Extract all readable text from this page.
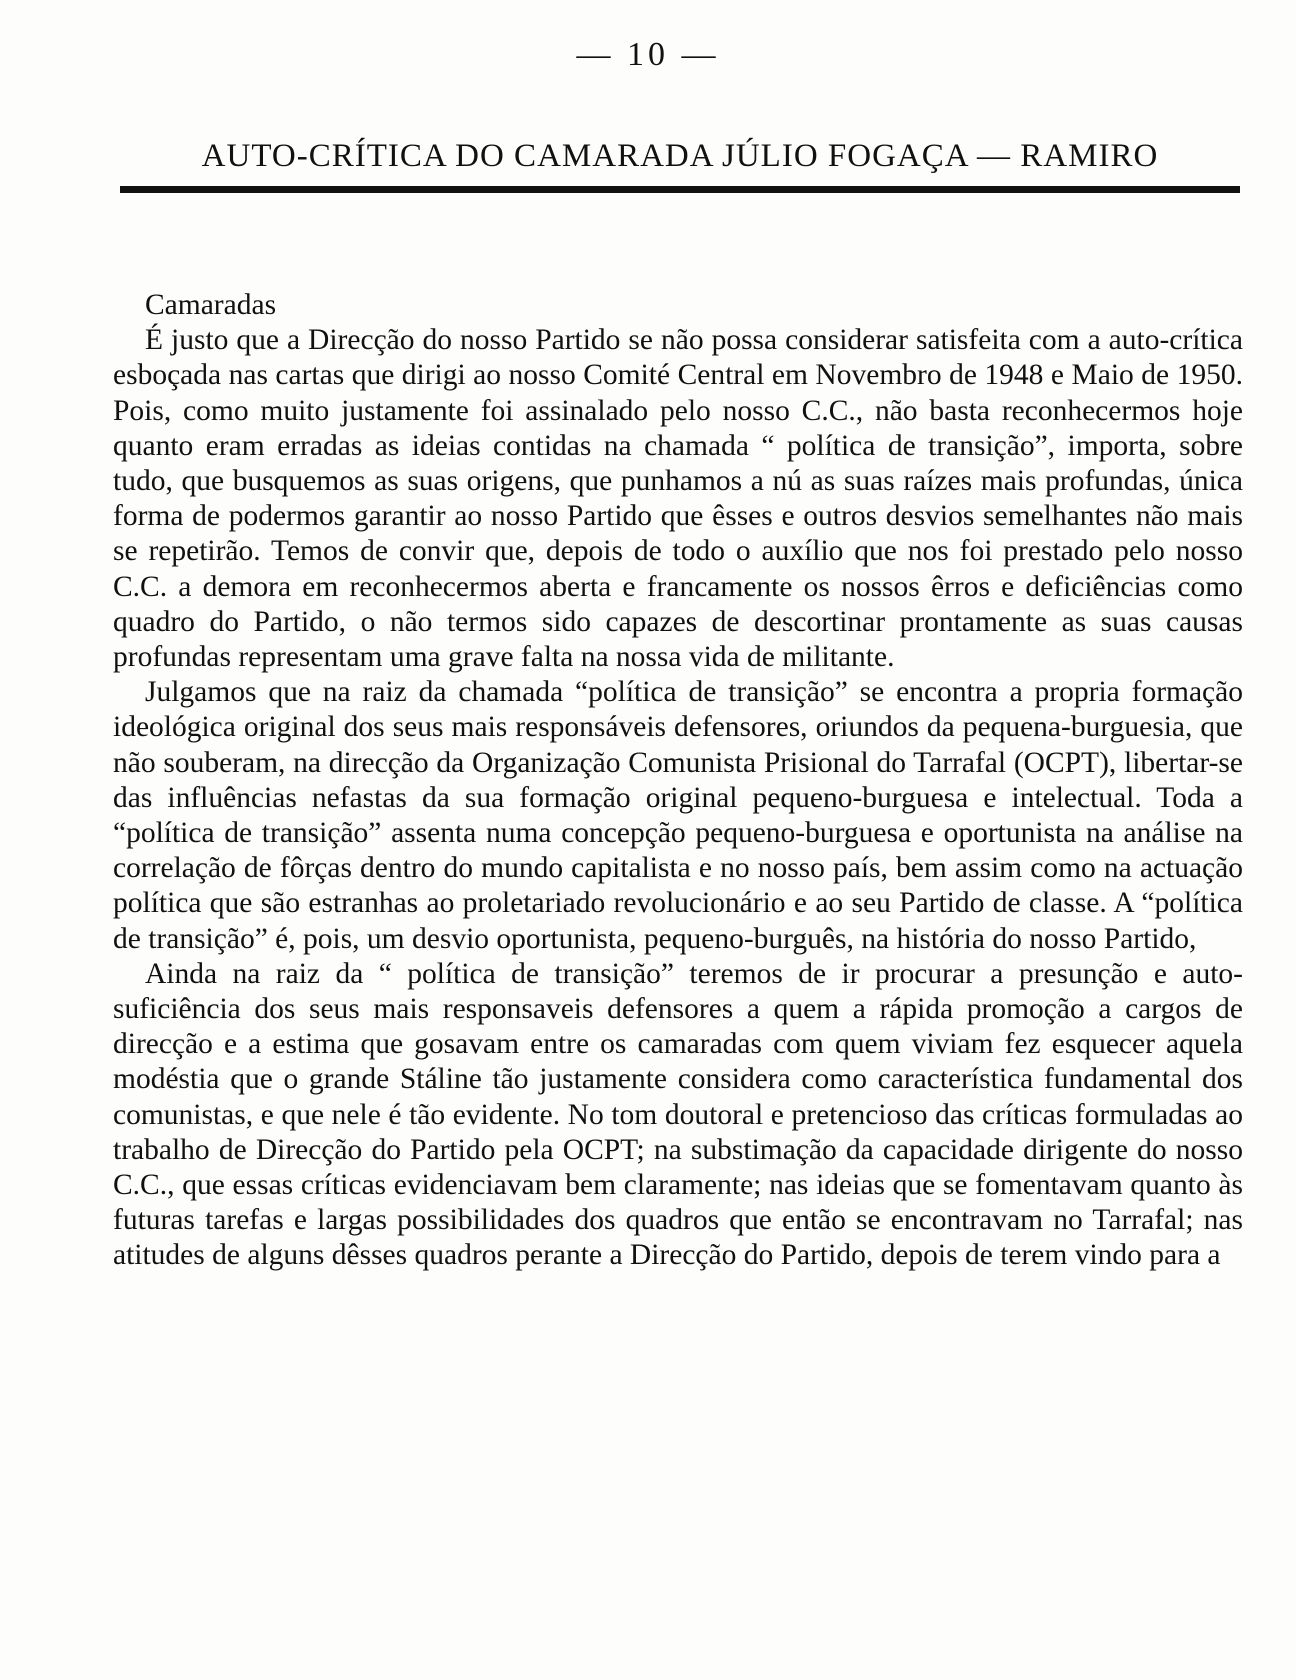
— 10 —
AUTO-CRÍTICA DO CAMARADA JÚLIO FOGAÇA — RAMIRO

Camaradas

É justo que a Direcção do nosso Partido se não possa considerar satisfeita com a auto-crítica esboçada nas cartas que dirigi ao nosso Comité Central em Novembro de 1948 e Maio de 1950. Pois, como muito justamente foi assinalado pelo nosso C.C., não basta reconhecermos hoje quanto eram erradas as ideias contidas na chamada “ política de transição”, importa, sobre tudo, que busquemos as suas origens, que punhamos a nú as suas raízes mais profundas, única forma de podermos garantir ao nosso Partido que êsses e outros desvios semelhantes não mais se repetirão. Temos de convir que, depois de todo o auxílio que nos foi prestado pelo nosso C.C. a demora em reconhecermos aberta e francamente os nossos êrros e deficiências como quadro do Partido, o não termos sido capazes de descortinar prontamente as suas causas profundas representam uma grave falta na nossa vida de militante.

Julgamos que na raiz da chamada “política de transição” se encontra a propria formação ideológica original dos seus mais responsáveis defensores, oriundos da pequena-burguesia, que não souberam, na direcção da Organização Comunista Prisional do Tarrafal (OCPT), libertar-se das influências nefastas da sua formação original pequeno-burguesa e intelectual. Toda a “política de transição” assenta numa concepção pequeno-burguesa e oportunista na análise na correlação de fôrças dentro do mundo capitalista e no nosso país, bem assim como na actuação política que são estranhas ao proletariado revolucionário e ao seu Partido de classe. A “política de transição” é, pois, um desvio oportunista, pequeno-burguês, na história do nosso Partido,

Ainda na raiz da “ política de transição” teremos de ir procurar a presunção e auto-suficiência dos seus mais responsaveis defensores a quem a rápida promoção a cargos de direcção e a estima que gosavam entre os camaradas com quem viviam fez esquecer aquela modéstia que o grande Stáline tão justamente considera como característica fundamental dos comunistas, e que nele é tão evidente. No tom doutoral e pretencioso das críticas formuladas ao trabalho de Direcção do Partido pela OCPT; na substimação da capacidade dirigente do nosso C.C., que essas críticas evidenciavam bem claramente; nas ideias que se fomentavam quanto às futuras tarefas e largas possibilidades dos quadros que então se encontravam no Tarrafal; nas atitudes de alguns dêsses quadros perante a Direcção do Partido, depois de terem vindo para a
